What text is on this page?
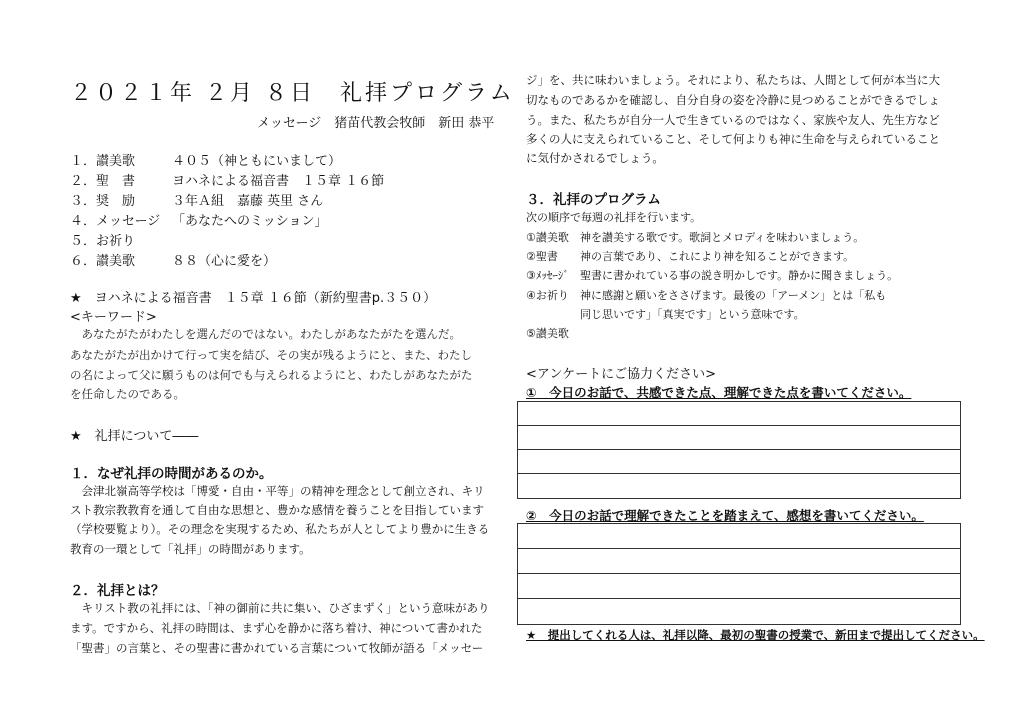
２０２１年 ２月 ８日　礼拝プログラム
メッセージ　猪苗代教会牧師　新田 恭平
１．讃美歌	４０５（神ともにいまして）
２．聖　書	ヨハネによる福音書　１５章 １６節
３．奨　励	３年Ａ組　嘉藤 英里 さん
４．メッセージ 「あなたへのミッション」
５．お祈り
６．讃美歌	８８（心に愛を）
★　ヨハネによる福音書　１５章 １６節（新約聖書p.３５０）
<キーワード>
　あなたがたがわたしを選んだのではない。わたしがあなたがたを選んだ。
あなたがたが出かけて行って実を結び、その実が残るようにと、また、わたし
の名によって父に願うものは何でも与えられるようにと、わたしがあなたがた
を任命したのである。
★　礼拝について――
１．なぜ礼拝の時間があるのか。
　会津北嶺高等学校は「博愛・自由・平等」の精神を理念として創立され、キリ
スト教宗教教育を通して自由な思想と、豊かな感情を養うことを目指しています
（学校要覧より）。その理念を実現するため、私たちが人としてより豊かに生きる
教育の一環として「礼拝」の時間があります。
２．礼拝とは？
　キリスト教の礼拝には、「神の御前に共に集い、ひざまずく」という意味があり
ます。ですから、礼拝の時間は、まず心を静かに落ち着け、神について書かれた
「聖書」の言葉と、その聖書に書かれている言葉について牧師が語る「メッセー
ジ」を、共に味わいましょう。それにより、私たちは、人間として何が本当に大
切なものであるかを確認し、自分自身の姿を冷静に見つめることができるでしょ
う。また、私たちが自分一人で生きているのではなく、家族や友人、先生方など
多くの人に支えられていること、そして何よりも神に生命を与えられていること
に気付かされるでしょう。
３．礼拝のプログラム
次の順序で毎週の礼拝を行います。
①讃美歌 神を讃美する歌です。歌詞とメロディを味わいましょう。
②聖書 神の言葉であり、これにより神を知ることができます。
③ﾒｯｾｰｼﾞ 聖書に書かれている事の説き明かしです。静かに聞きましょう。
④お祈り 神に感謝と願いをささげます。最後の「アーメン」とは「私も
同じ思いです」「真実です」という意味です。
⑤讃美歌
<アンケートにご協力ください>
①　今日のお話で、共感できた点、理解できた点を書いてください。
②　今日のお話で理解できたことを踏まえて、感想を書いてください。
★　提出してくれる人は、礼拝以降、最初の聖書の授業で、新田まで提出してください。
